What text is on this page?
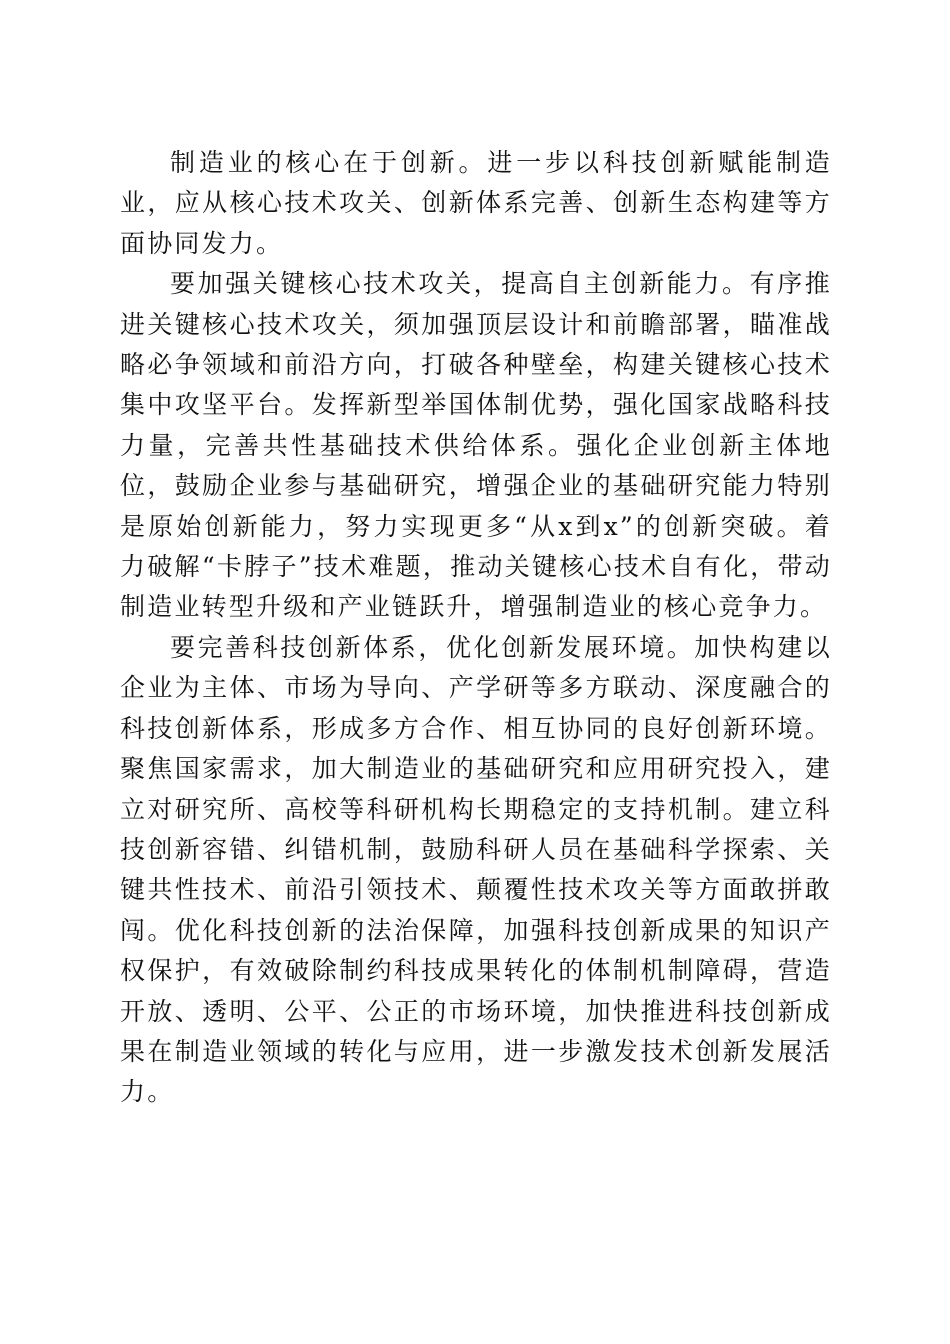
制造业的核心在于创新。进一步以科技创新赋能制造业，应从核心技术攻关、创新体系完善、创新生态构建等方面协同发力。

要加强关键核心技术攻关，提高自主创新能力。有序推进关键核心技术攻关，须加强顶层设计和前瞻部署，瞄准战略必争领域和前沿方向，打破各种壁垒，构建关键核心技术集中攻坚平台。发挥新型举国体制优势，强化国家战略科技力量，完善共性基础技术供给体系。强化企业创新主体地位，鼓励企业参与基础研究，增强企业的基础研究能力特别是原始创新能力，努力实现更多“从x到x”的创新突破。着力破解“卡脖子”技术难题，推动关键核心技术自有化，带动制造业转型升级和产业链跃升，增强制造业的核心竞争力。

要完善科技创新体系，优化创新发展环境。加快构建以企业为主体、市场为导向、产学研等多方联动、深度融合的科技创新体系，形成多方合作、相互协同的良好创新环境。聚焦国家需求，加大制造业的基础研究和应用研究投入，建立对研究所、高校等科研机构长期稳定的支持机制。建立科技创新容错、纠错机制，鼓励科研人员在基础科学探索、关键共性技术、前沿引领技术、颠覆性技术攻关等方面敢拼敢闯。优化科技创新的法治保障，加强科技创新成果的知识产权保护，有效破除制约科技成果转化的体制机制障碍，营造开放、透明、公平、公正的市场环境，加快推进科技创新成果在制造业领域的转化与应用，进一步激发技术创新发展活力。
